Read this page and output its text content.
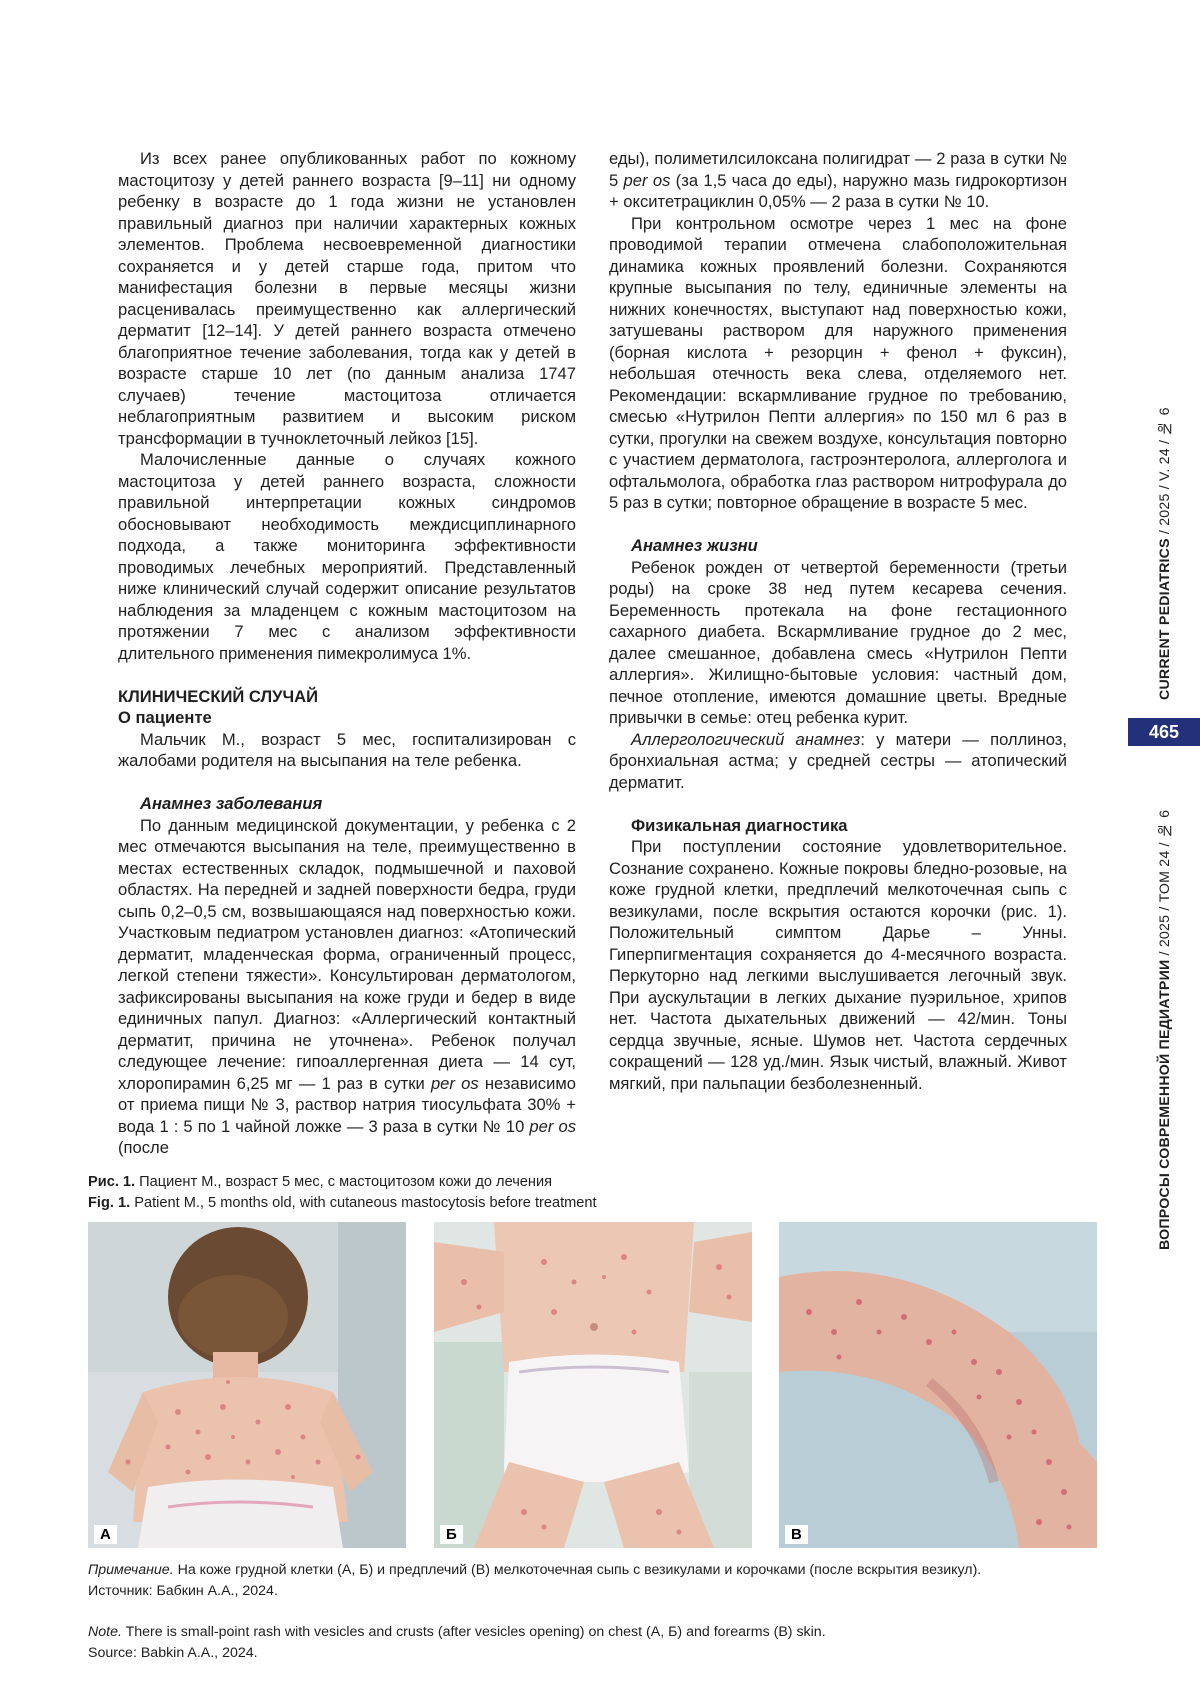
Из всех ранее опубликованных работ по кожному мастоцитозу у детей раннего возраста [9–11] ни одному ребенку в возрасте до 1 года жизни не установлен правильный диагноз при наличии характерных кожных элементов. Проблема несвоевременной диагностики сохраняется и у детей старше года, притом что манифестация болезни в первые месяцы жизни расценивалась преимущественно как аллергический дерматит [12–14]. У детей раннего возраста отмечено благоприятное течение заболевания, тогда как у детей в возрасте старше 10 лет (по данным анализа 1747 случаев) течение мастоцитоза отличается неблагоприятным развитием и высоким риском трансформации в тучноклеточный лейкоз [15].

Малочисленные данные о случаях кожного мастоцитоза у детей раннего возраста, сложности правильной интерпретации кожных синдромов обосновывают необходимость междисциплинарного подхода, а также мониторинга эффективности проводимых лечебных мероприятий. Представленный ниже клинический случай содержит описание результатов наблюдения за младенцем с кожным мастоцитозом на протяжении 7 мес с анализом эффективности длительного применения пимекролимуса 1%.

КЛИНИЧЕСКИЙ СЛУЧАЙ
О пациенте

Мальчик М., возраст 5 мес, госпитализирован с жалобами родителя на высыпания на теле ребенка.

Анамнез заболевания

По данным медицинской документации, у ребенка с 2 мес отмечаются высыпания на теле, преимущественно в местах естественных складок, подмышечной и паховой областях. На передней и задней поверхности бедра, груди сыпь 0,2–0,5 см, возвышающаяся над поверхностью кожи. Участковым педиатром установлен диагноз: «Атопический дерматит, младенческая форма, ограниченный процесс, легкой степени тяжести». Консультирован дерматологом, зафиксированы высыпания на коже груди и бедер в виде единичных папул. Диагноз: «Аллергический контактный дерматит, причина не уточнена». Ребенок получал следующее лечение: гипоаллергенная диета — 14 сут, хлоропирамин 6,25 мг — 1 раз в сутки per os независимо от приема пищи № 3, раствор натрия тиосульфата 30% + вода 1 : 5 по 1 чайной ложке — 3 раза в сутки № 10 per os (после

еды), полиметилсилоксана полигидрат — 2 раза в сутки № 5 per os (за 1,5 часа до еды), наружно мазь гидрокортизон + окситетрациклин 0,05% — 2 раза в сутки № 10.

При контрольном осмотре через 1 мес на фоне проводимой терапии отмечена слабоположительная динамика кожных проявлений болезни. Сохраняются крупные высыпания по телу, единичные элементы на нижних конечностях, выступают над поверхностью кожи, затушеваны раствором для наружного применения (борная кислота + резорцин + фенол + фуксин), небольшая отечность века слева, отделяемого нет. Рекомендации: вскармливание грудное по требованию, смесью «Нутрилон Пепти аллергия» по 150 мл 6 раз в сутки, прогулки на свежем воздухе, консультация повторно с участием дерматолога, гастроэнтеролога, аллерголога и офтальмолога, обработка глаз раствором нитрофурала до 5 раз в сутки; повторное обращение в возрасте 5 мес.

Анамнез жизни

Ребенок рожден от четвертой беременности (третьи роды) на сроке 38 нед путем кесарева сечения. Беременность протекала на фоне гестационного сахарного диабета. Вскармливание грудное до 2 мес, далее смешанное, добавлена смесь «Нутрилон Пепти аллергия». Жилищно-бытовые условия: частный дом, печное отопление, имеются домашние цветы. Вредные привычки в семье: отец ребенка курит.

Аллергологический анамнез: у матери — поллиноз, бронхиальная астма; у средней сестры — атопический дерматит.

Физикальная диагностика

При поступлении состояние удовлетворительное. Сознание сохранено. Кожные покровы бледно-розовые, на коже грудной клетки, предплечий мелкоточечная сыпь с везикулами, после вскрытия остаются корочки (рис. 1). Положительный симптом Дарье – Унны. Гиперпигментация сохраняется до 4-месячного возраста. Перкуторно над легкими выслушивается легочный звук. При аускультации в легких дыхание пуэрильное, хрипов нет. Частота дыхательных движений — 42/мин. Тоны сердца звучные, ясные. Шумов нет. Частота сердечных сокращений — 128 уд./мин. Язык чистый, влажный. Живот мягкий, при пальпации безболезненный.

CURRENT PEDIATRICS / 2025 / V. 24 / № 6
465
ВОПРОСЫ СОВРЕМЕННОЙ ПЕДИАТРИИ / 2025 / ТОМ 24 / № 6
Рис. 1. Пациент М., возраст 5 мес, с мастоцитозом кожи до лечения
Fig. 1. Patient M., 5 months old, with cutaneous mastocytosis before treatment
А	Б	В

Примечание. На коже грудной клетки (А, Б) и предплечий (В) мелкоточечная сыпь с везикулами и корочками (после вскрытия везикул).

Источник: Бабкин А.А., 2024.

Note. There is small-point rash with vesicles and crusts (after vesicles opening) on chest (А, Б) and forearms (В) skin.

Source: Babkin A.A., 2024.
